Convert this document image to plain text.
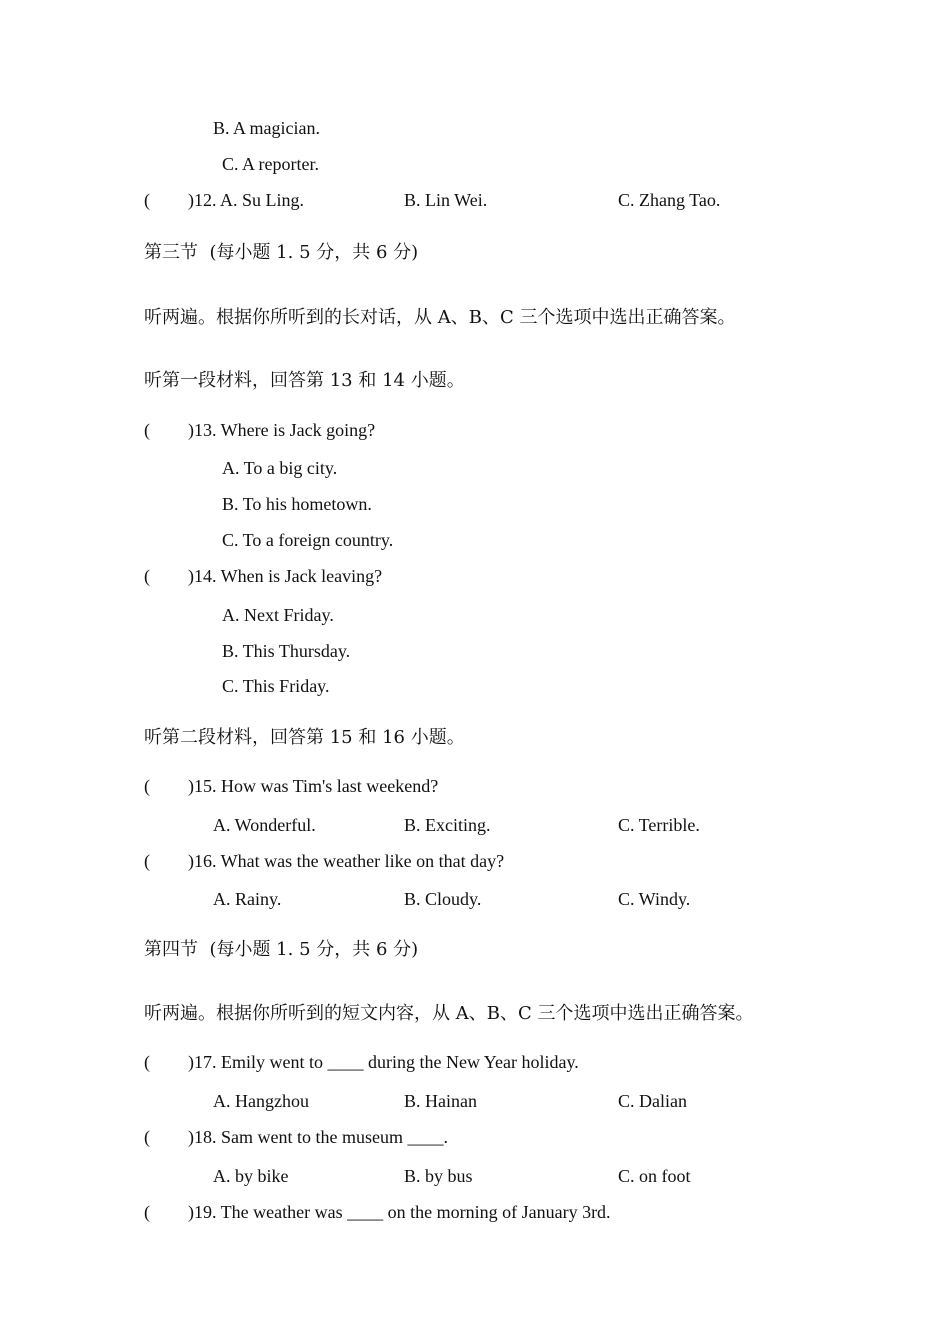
B. A magician.
C. A reporter.
( )12. A. Su Ling.	B. Lin Wei.	C. Zhang Tao.
第三节  (每小题 1. 5 分，共 6 分)
听两遍。根据你所听到的长对话，从 A、B、C 三个选项中选出正确答案。
听第一段材料，回答第 13 和 14 小题。
( )13. Where is Jack going?
A. To a big city.
B. To his hometown.
C. To a foreign country.
( )14. When is Jack leaving?
A. Next Friday.
B. This Thursday.
C. This Friday.
听第二段材料，回答第 15 和 16 小题。
( )15. How was Tim's last weekend?
A. Wonderful.	B. Exciting.	C. Terrible.
( )16. What was the weather like on that day?
A. Rainy.	B. Cloudy.	C. Windy.
第四节  (每小题 1. 5 分，共 6 分)
听两遍。根据你所听到的短文内容，从 A、B、C 三个选项中选出正确答案。
( )17. Emily went to ____ during the New Year holiday.
A. Hangzhou	B. Hainan	C. Dalian
( )18. Sam went to the museum ____.
A. by bike	B. by bus	C. on foot
( )19. The weather was ____ on the morning of January 3rd.
